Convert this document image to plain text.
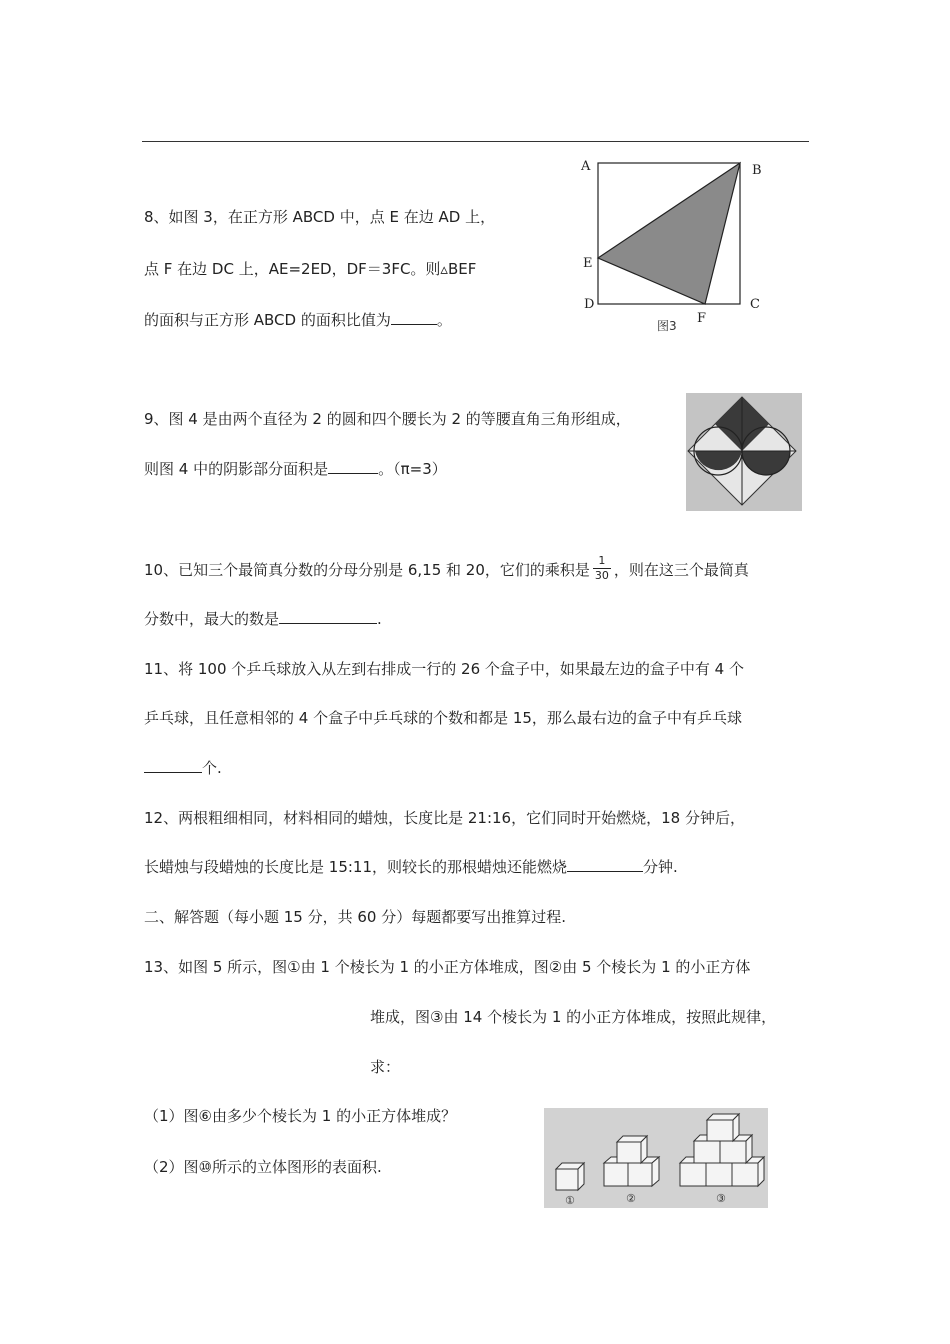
8、如图 3，在正方形 ABCD 中，点 E 在边 AD 上，
点 F 在边 DC 上，AE=2ED，DF＝3FC。则▵BEF
的面积与正方形 ABCD 的面积比值为	。
A	B
C
D
E
F
图3
9、图 4 是由两个直径为 2 的圆和四个腰长为 2 的等腰直角三角形组成，
则图 4 中的阴影部分面积是	。（π=3）
10、已知三个最简真分数的分母分别是 6,15 和 20，它们的乘积是 $\frac{1}{30}$ ，则在这三个最简真
分数中，最大的数是	.
11、将 100 个乒乓球放入从左到右排成一行的 26 个盒子中，如果最左边的盒子中有 4 个
乒乓球，且任意相邻的 4 个盒子中乒乓球的个数和都是 15，那么最右边的盒子中有乒乓球
个.
12、两根粗细相同，材料相同的蜡烛，长度比是 21:16，它们同时开始燃烧，18 分钟后，
长蜡烛与段蜡烛的长度比是 15:11，则较长的那根蜡烛还能燃烧	分钟.
二、解答题（每小题 15 分，共 60 分）每题都要写出推算过程.
13、如图 5 所示，图①由 1 个棱长为 1 的小正方体堆成，图②由 5 个棱长为 1 的小正方体
堆成，图③由 14 个棱长为 1 的小正方体堆成，按照此规律，
求：
（1）图⑥由多少个棱长为 1 的小正方体堆成？
（2）图⑩所示的立体图形的表面积.
①	②	③
